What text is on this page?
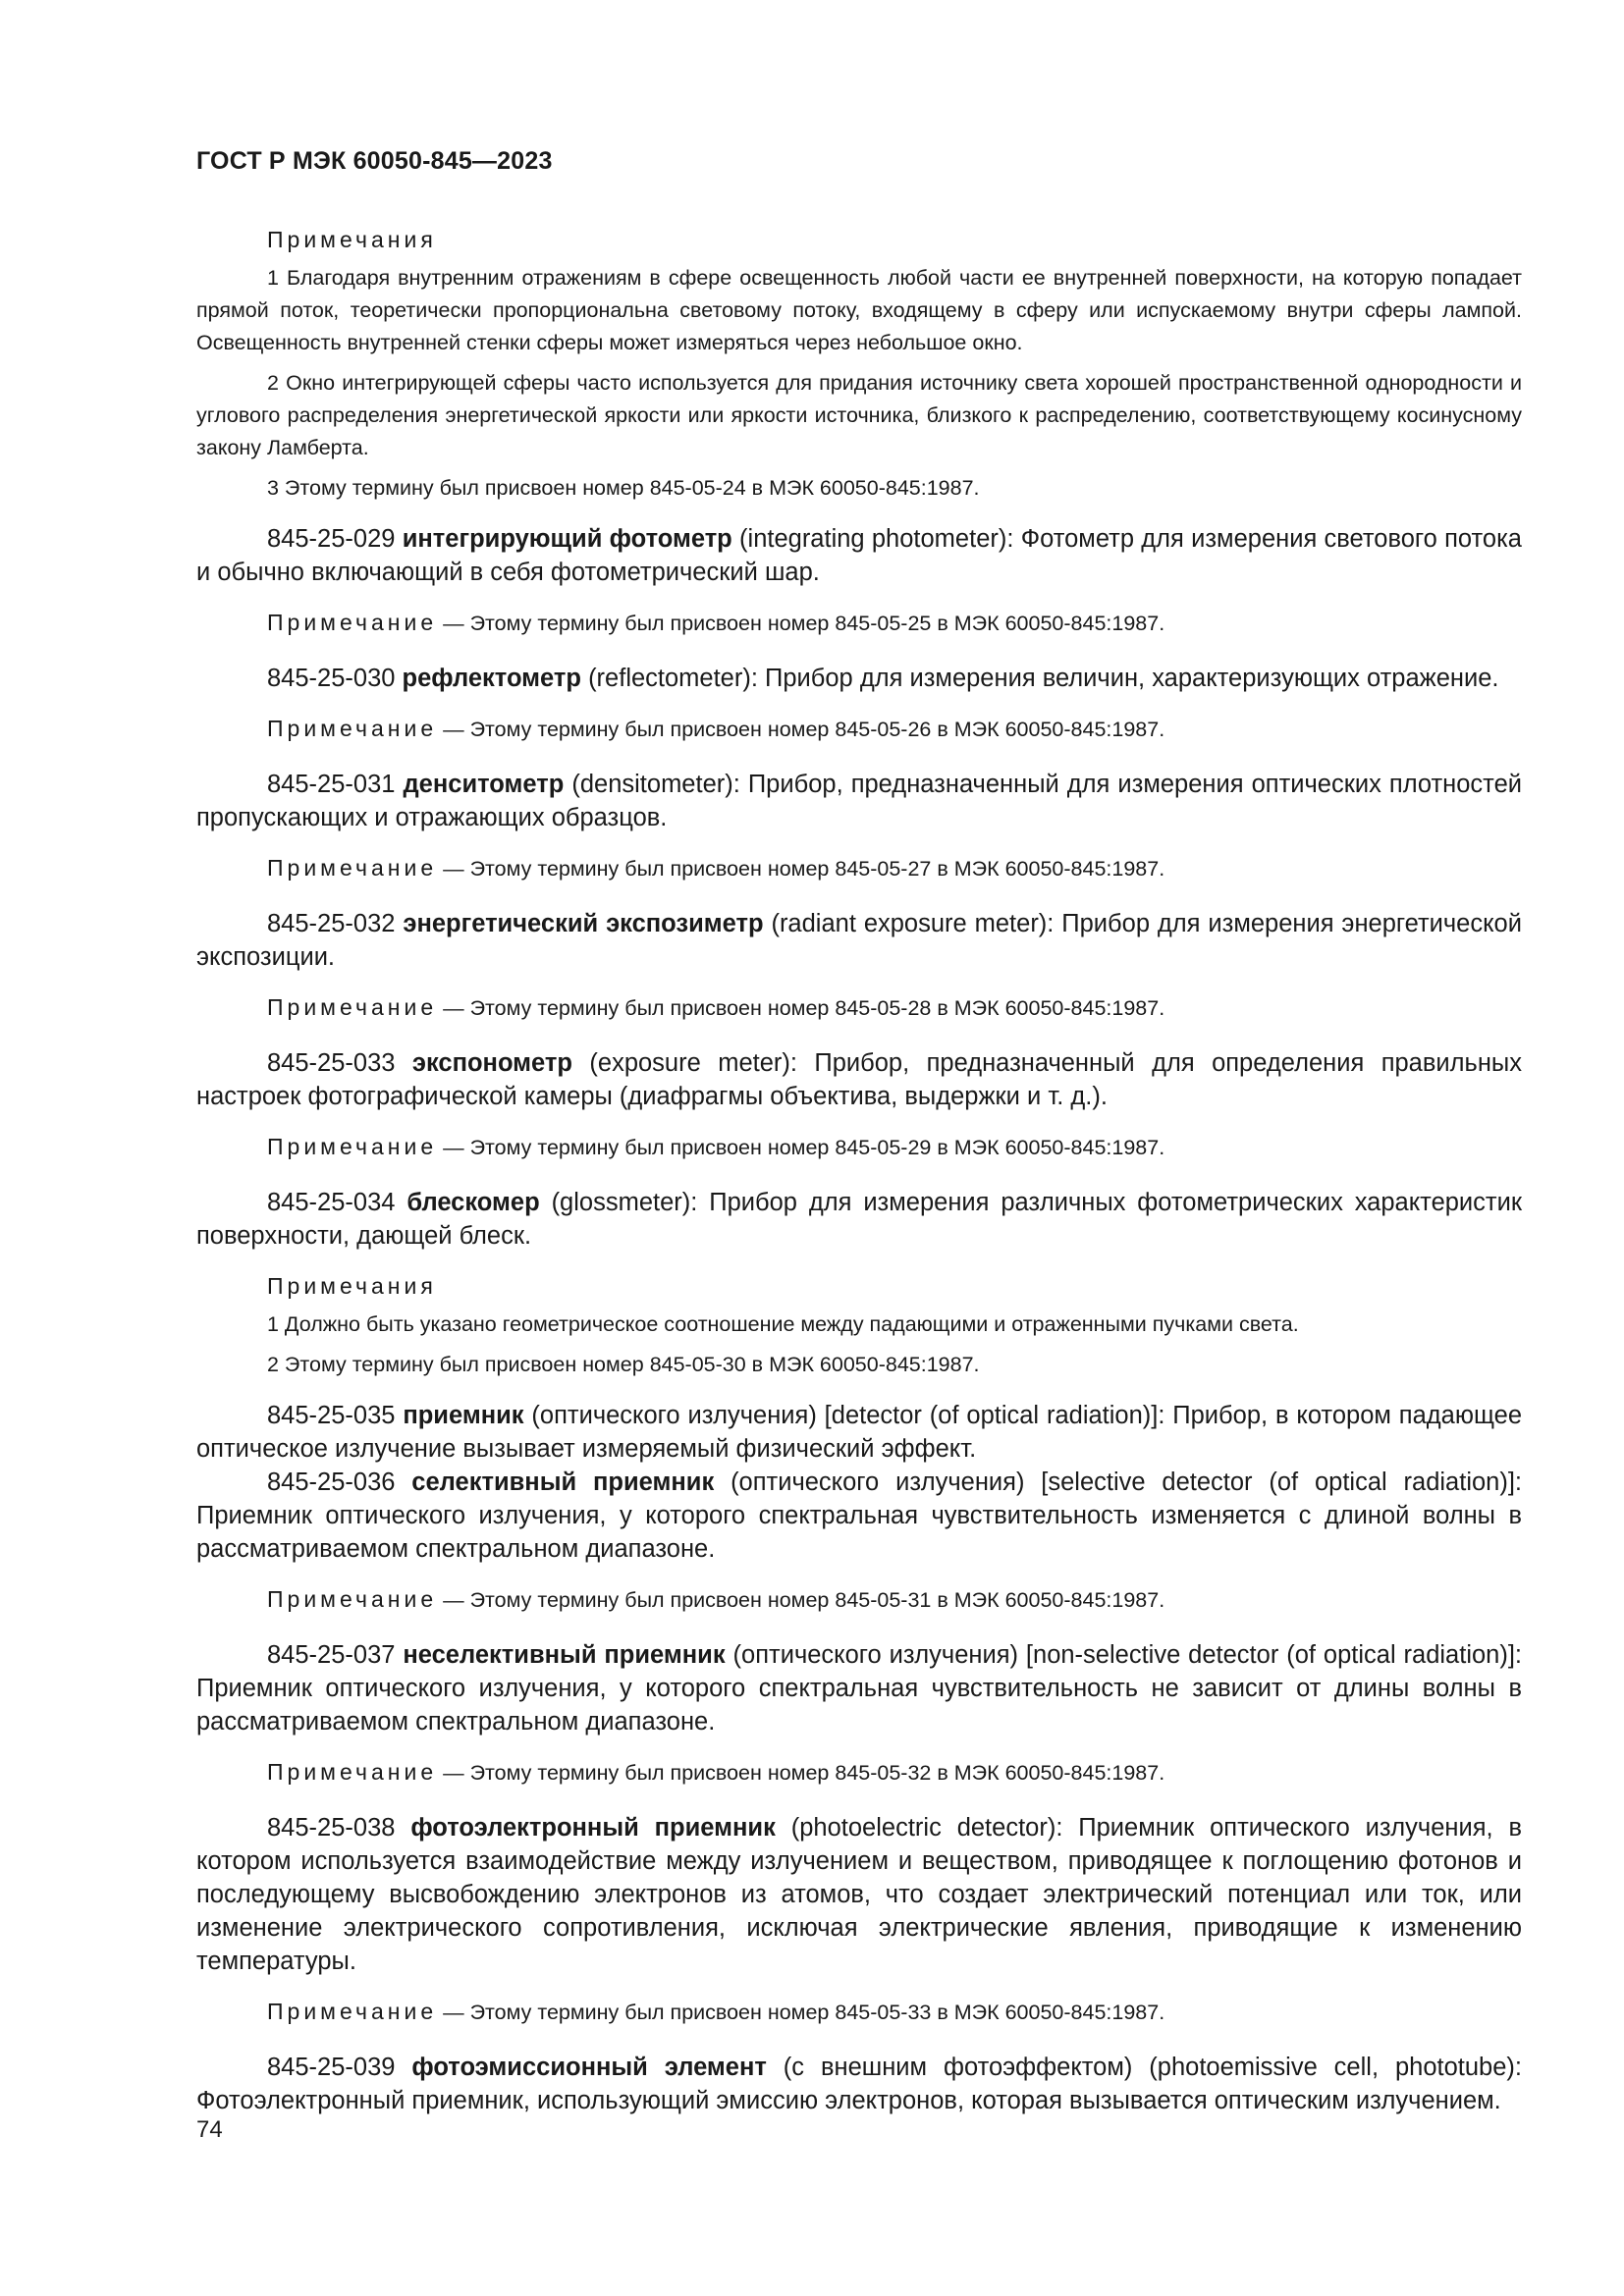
ГОСТ Р МЭК 60050-845—2023

Примечания

1 Благодаря внутренним отражениям в сфере освещенность любой части ее внутренней поверхности, на которую попадает прямой поток, теоретически пропорциональна световому потоку, входящему в сферу или испускаемому внутри сферы лампой. Освещенность внутренней стенки сферы может измеряться через небольшое окно.

2 Окно интегрирующей сферы часто используется для придания источнику света хорошей пространственной однородности и углового распределения энергетической яркости или яркости источника, близкого к распределению, соответствующему косинусному закону Ламберта.

3 Этому термину был присвоен номер 845-05-24 в МЭК 60050-845:1987.

845-25-029 интегрирующий фотометр (integrating photometer): Фотометр для измерения светового потока и обычно включающий в себя фотометрический шар.

Примечание — Этому термину был присвоен номер 845-05-25 в МЭК 60050-845:1987.

845-25-030 рефлектометр (reflectometer): Прибор для измерения величин, характеризующих отражение.

Примечание — Этому термину был присвоен номер 845-05-26 в МЭК 60050-845:1987.

845-25-031 денситометр (densitometer): Прибор, предназначенный для измерения оптических плотностей пропускающих и отражающих образцов.

Примечание — Этому термину был присвоен номер 845-05-27 в МЭК 60050-845:1987.

845-25-032 энергетический экспозиметр (radiant exposure meter): Прибор для измерения энергетической экспозиции.

Примечание — Этому термину был присвоен номер 845-05-28 в МЭК 60050-845:1987.

845-25-033 экспонометр (exposure meter): Прибор, предназначенный для определения правильных настроек фотографической камеры (диафрагмы объектива, выдержки и т. д.).

Примечание — Этому термину был присвоен номер 845-05-29 в МЭК 60050-845:1987.

845-25-034 блескомер (glossmeter): Прибор для измерения различных фотометрических характеристик поверхности, дающей блеск.

Примечания

1 Должно быть указано геометрическое соотношение между падающими и отраженными пучками света.

2 Этому термину был присвоен номер 845-05-30 в МЭК 60050-845:1987.

845-25-035 приемник (оптического излучения) [detector (of optical radiation)]: Прибор, в котором падающее оптическое излучение вызывает измеряемый физический эффект.

845-25-036 селективный приемник (оптического излучения) [selective detector (of optical radiation)]: Приемник оптического излучения, у которого спектральная чувствительность изменяется с длиной волны в рассматриваемом спектральном диапазоне.

Примечание — Этому термину был присвоен номер 845-05-31 в МЭК 60050-845:1987.

845-25-037 неселективный приемник (оптического излучения) [non-selective detector (of optical radiation)]: Приемник оптического излучения, у которого спектральная чувствительность не зависит от длины волны в рассматриваемом спектральном диапазоне.

Примечание — Этому термину был присвоен номер 845-05-32 в МЭК 60050-845:1987.

845-25-038 фотоэлектронный приемник (photoelectric detector): Приемник оптического излучения, в котором используется взаимодействие между излучением и веществом, приводящее к поглощению фотонов и последующему высвобождению электронов из атомов, что создает электрический потенциал или ток, или изменение электрического сопротивления, исключая электрические явления, приводящие к изменению температуры.

Примечание — Этому термину был присвоен номер 845-05-33 в МЭК 60050-845:1987.

845-25-039 фотоэмиссионный элемент (с внешним фотоэффектом) (photoemissive cell, phototube): Фотоэлектронный приемник, использующий эмиссию электронов, которая вызывается оптическим излучением.

74
